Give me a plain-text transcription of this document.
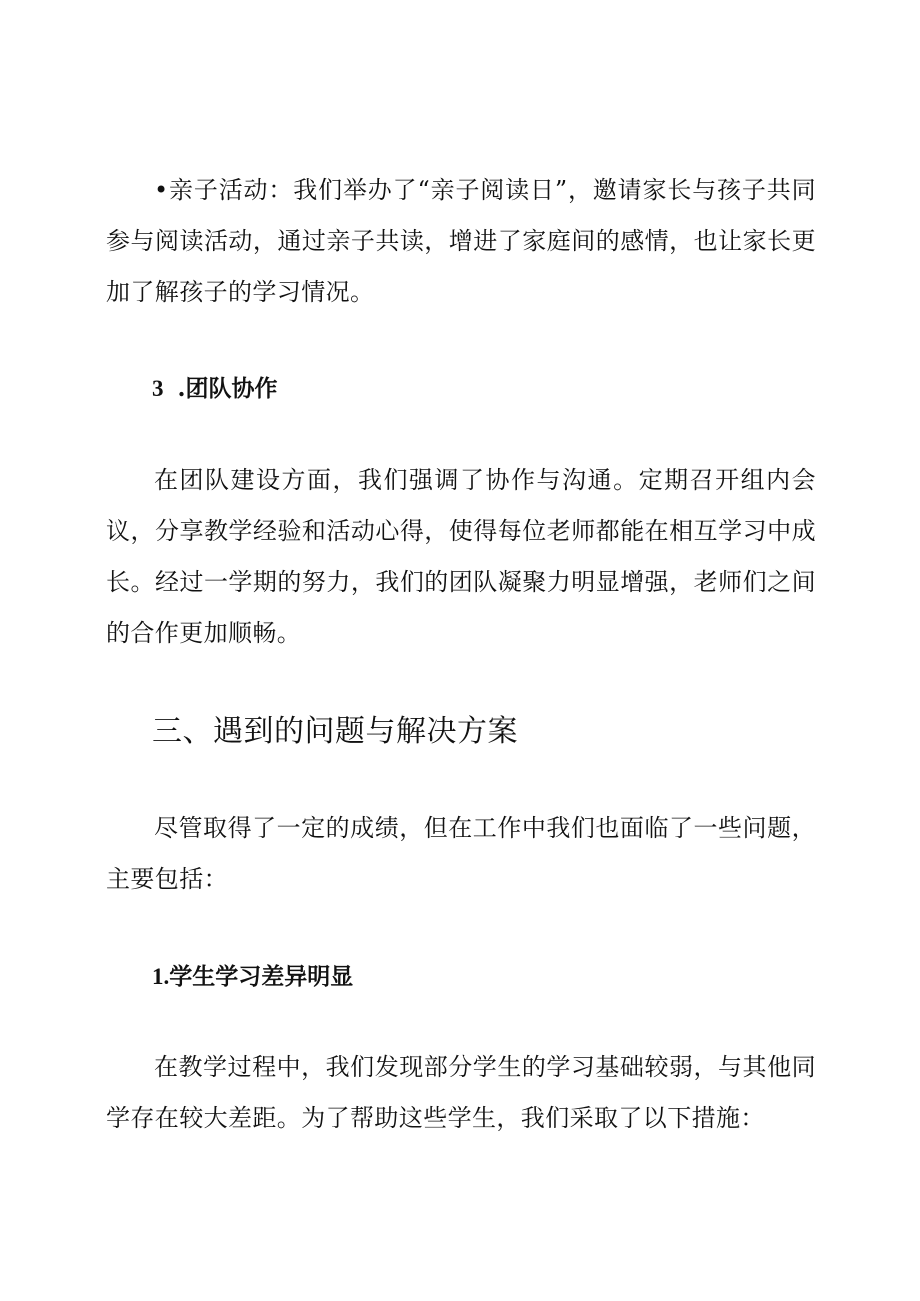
•亲子活动：我们举办了“亲子阅读日”，邀请家长与孩子共同参与阅读活动，通过亲子共读，增进了家庭间的感情，也让家长更加了解孩子的学习情况。

3 .团队协作

在团队建设方面，我们强调了协作与沟通。定期召开组内会议，分享教学经验和活动心得，使得每位老师都能在相互学习中成长。经过一学期的努力，我们的团队凝聚力明显增强，老师们之间的合作更加顺畅。

三、遇到的问题与解决方案

尽管取得了一定的成绩，但在工作中我们也面临了一些问题，主要包括：

1.学生学习差异明显

在教学过程中，我们发现部分学生的学习基础较弱，与其他同学存在较大差距。为了帮助这些学生，我们采取了以下措施：
